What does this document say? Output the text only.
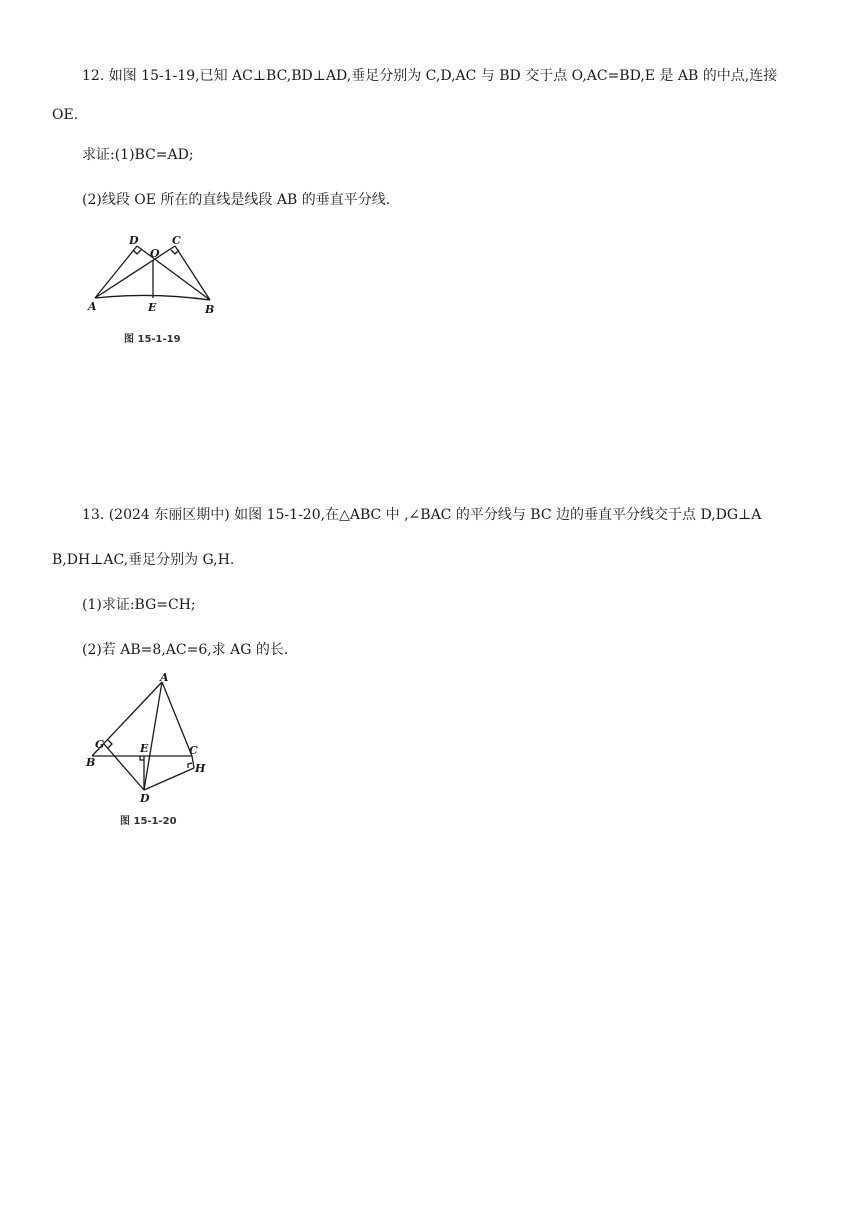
12. 如图 15-1-19,已知 AC⊥BC,BD⊥AD,垂足分别为 C,D,AC 与 BD 交于点 O,AC=BD,E 是 AB 的中点,连接
OE.
求证:(1)BC=AD;
(2)线段 OE 所在的直线是线段 AB 的垂直平分线.
D	C
O
A	E	B
图 15-1-19
13. (2024 东丽区期中) 如图 15-1-20,在△ABC 中 ,∠BAC 的平分线与 BC 边的垂直平分线交于点 D,DG⊥A
B,DH⊥AC,垂足分别为 G,H.
(1)求证:BG=CH;
(2)若 AB=8,AC=6,求 AG 的长.
A
G	E	C
B	H
D
图 15-1-20
